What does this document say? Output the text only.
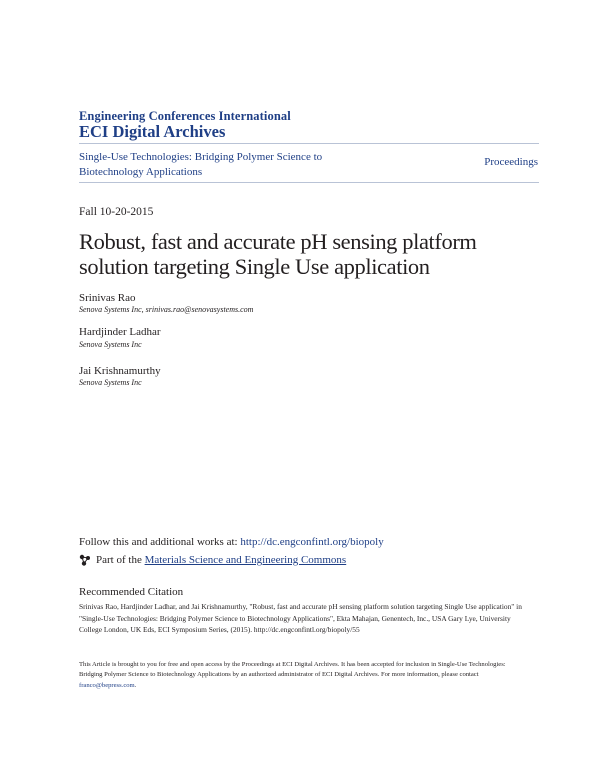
Engineering Conferences International
ECI Digital Archives
Single-Use Technologies: Bridging Polymer Science to Biotechnology Applications
Proceedings
Fall 10-20-2015
Robust, fast and accurate pH sensing platform solution targeting Single Use application
Srinivas Rao
Senova Systems Inc, srinivas.rao@senovasystems.com
Hardjinder Ladhar
Senova Systems Inc
Jai Krishnamurthy
Senova Systems Inc
Follow this and additional works at: http://dc.engconfintl.org/biopoly
Part of the
Materials Science and Engineering Commons
Recommended Citation
Srinivas Rao, Hardjinder Ladhar, and Jai Krishnamurthy, "Robust, fast and accurate pH sensing platform solution targeting Single Use application" in "Single-Use Technologies: Bridging Polymer Science to Biotechnology Applications", Ekta Mahajan, Genentech, Inc., USA Gary Lye, University College London, UK Eds, ECI Symposium Series, (2015). http://dc.engconfintl.org/biopoly/55
This Article is brought to you for free and open access by the Proceedings at ECI Digital Archives. It has been accepted for inclusion in Single-Use Technologies: Bridging Polymer Science to Biotechnology Applications by an authorized administrator of ECI Digital Archives. For more information, please contact franco@bepress.com.
